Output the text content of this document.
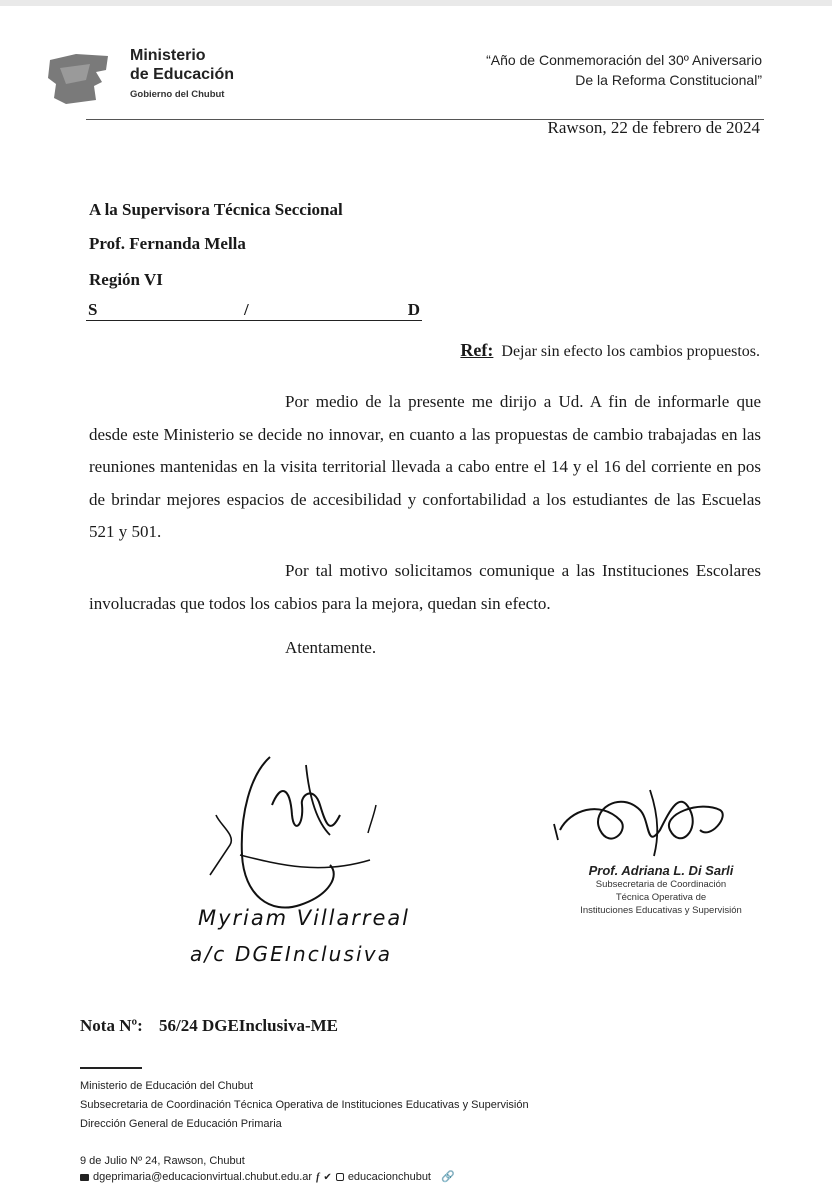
Ministerio
de Educación
Gobierno del Chubut
“Año de Conmemoración del 30º Aniversario
De la Reforma Constitucional”
Rawson, 22 de febrero de 2024
A la Supervisora Técnica Seccional
Prof. Fernanda Mella
Región VI
S	/	D
Ref: Dejar sin efecto los cambios propuestos.
Por medio de la presente me dirijo a Ud. A fin de informarle que desde este Ministerio se decide no innovar, en cuanto a las propuestas de cambio trabajadas en las reuniones mantenidas en la visita territorial llevada a cabo entre el 14 y el 16 del corriente en pos de brindar mejores espacios de accesibilidad y confortabilidad a los estudiantes de las Escuelas 521 y 501.
Por tal motivo solicitamos comunique a las Instituciones Escolares involucradas que todos los cabios para la mejora, quedan sin efecto.
Atentamente.
Myriam Villarreal
a/c DGEInclusiva
Prof. Adriana L. Di Sarli
Subsecretaria de Coordinación
Técnica Operativa de
Instituciones Educativas y Supervisión
Nota Nº: 56/24 DGEInclusiva-ME
Ministerio de Educación del Chubut
Subsecretaria de Coordinación Técnica Operativa de Instituciones Educativas y Supervisión
Dirección General de Educación Primaria
9 de Julio Nº 24, Rawson, Chubut
dgeprimaria@educacionvirtual.chubut.edu.ar f ✔ educacionchubut 🔗
